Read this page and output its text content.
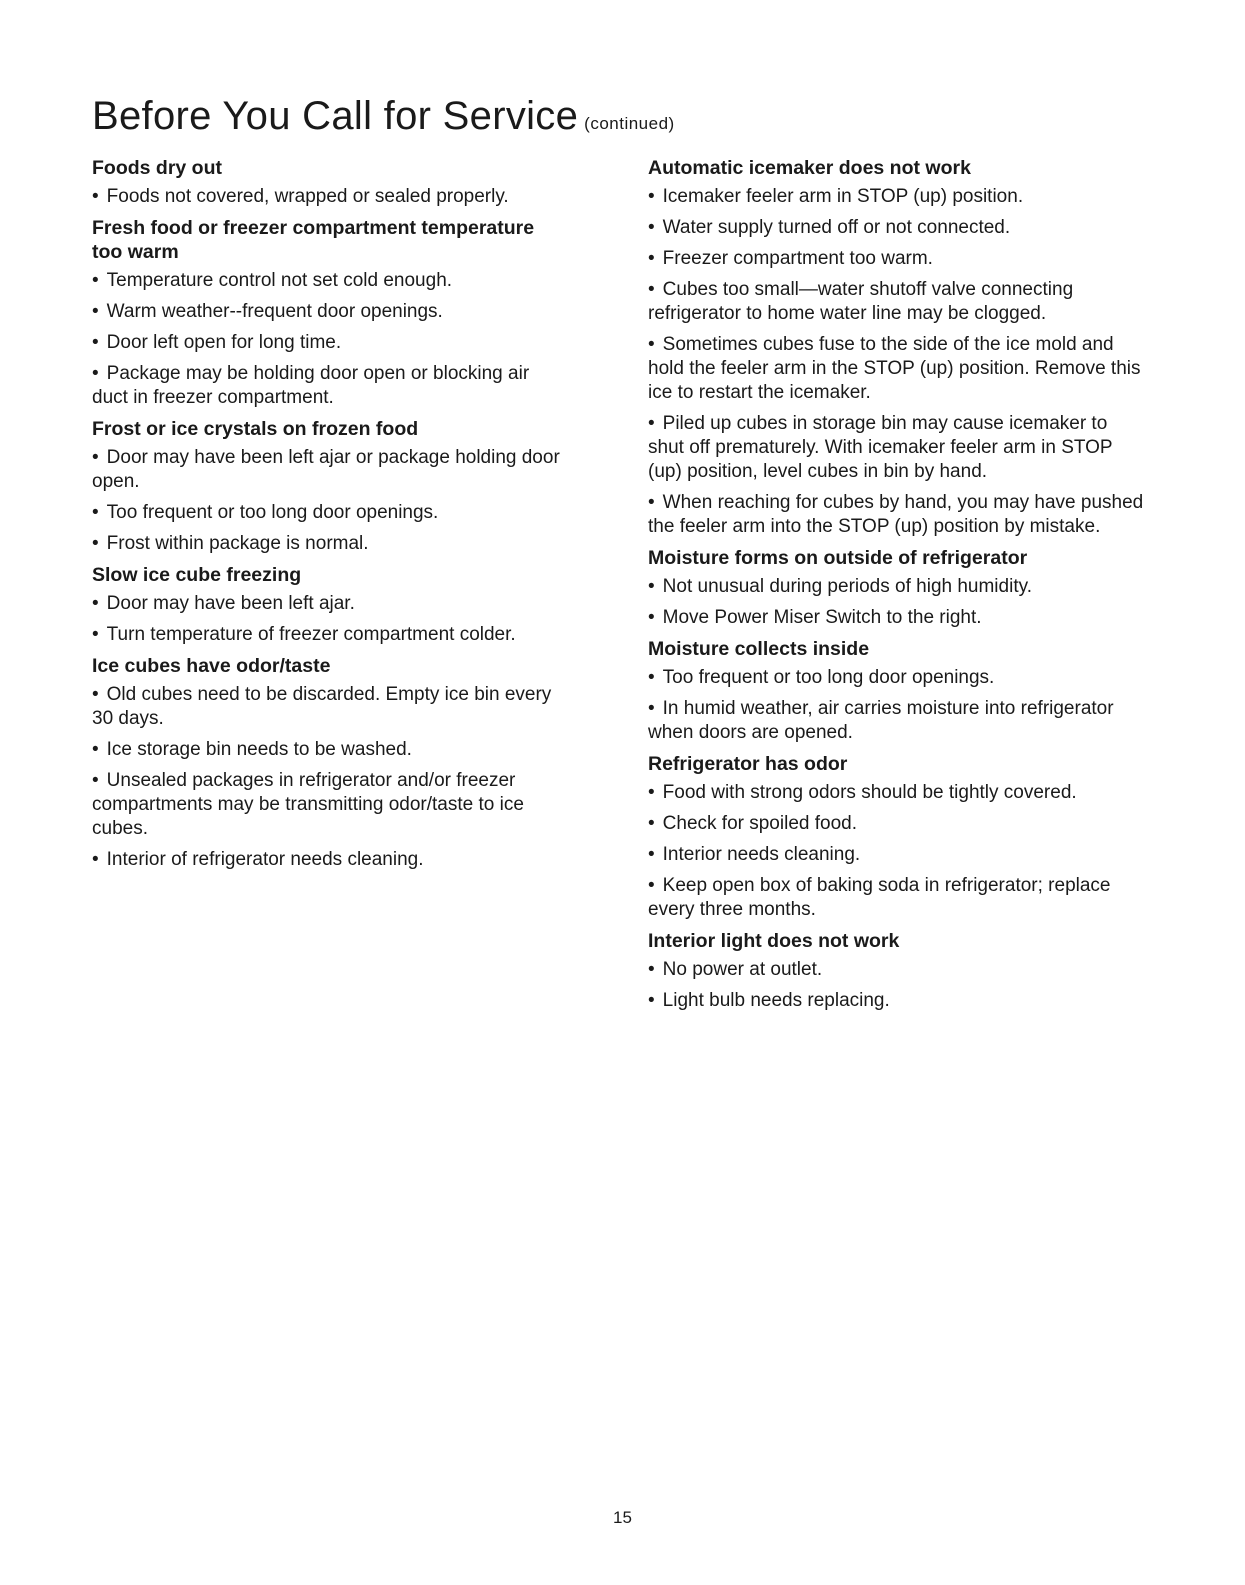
Before You Call for Service (continued)
Foods dry out
• Foods not covered, wrapped or sealed properly.
Fresh food or freezer compartment temperature too warm
• Temperature control not set cold enough.
• Warm weather--frequent door openings.
• Door left open for long time.
• Package may be holding door open or blocking air duct in freezer compartment.
Frost or ice crystals on frozen food
• Door may have been left ajar or package holding door open.
• Too frequent or too long door openings.
• Frost within package is normal.
Slow ice cube freezing
• Door may have been left ajar.
• Turn temperature of freezer compartment colder.
Ice cubes have odor/taste
• Old cubes need to be discarded. Empty ice bin every 30 days.
• Ice storage bin needs to be washed.
• Unsealed packages in refrigerator and/or freezer compartments may be transmitting odor/taste to ice cubes.
• Interior of refrigerator needs cleaning.
Automatic icemaker does not work
• Icemaker feeler arm in STOP (up) position.
• Water supply turned off or not connected.
• Freezer compartment too warm.
• Cubes too small—water shutoff valve connecting refrigerator to home water line may be clogged.
• Sometimes cubes fuse to the side of the ice mold and hold the feeler arm in the STOP (up) position. Remove this ice to restart the icemaker.
• Piled up cubes in storage bin may cause icemaker to shut off prematurely. With icemaker feeler arm in STOP (up) position, level cubes in bin by hand.
• When reaching for cubes by hand, you may have pushed the feeler arm into the STOP (up) position by mistake.
Moisture forms on outside of refrigerator
• Not unusual during periods of high humidity.
• Move Power Miser Switch to the right.
Moisture collects inside
• Too frequent or too long door openings.
• In humid weather, air carries moisture into refrigerator when doors are opened.
Refrigerator has odor
• Food with strong odors should be tightly covered.
• Check for spoiled food.
• Interior needs cleaning.
• Keep open box of baking soda in refrigerator; replace every three months.
Interior light does not work
• No power at outlet.
• Light bulb needs replacing.
15
